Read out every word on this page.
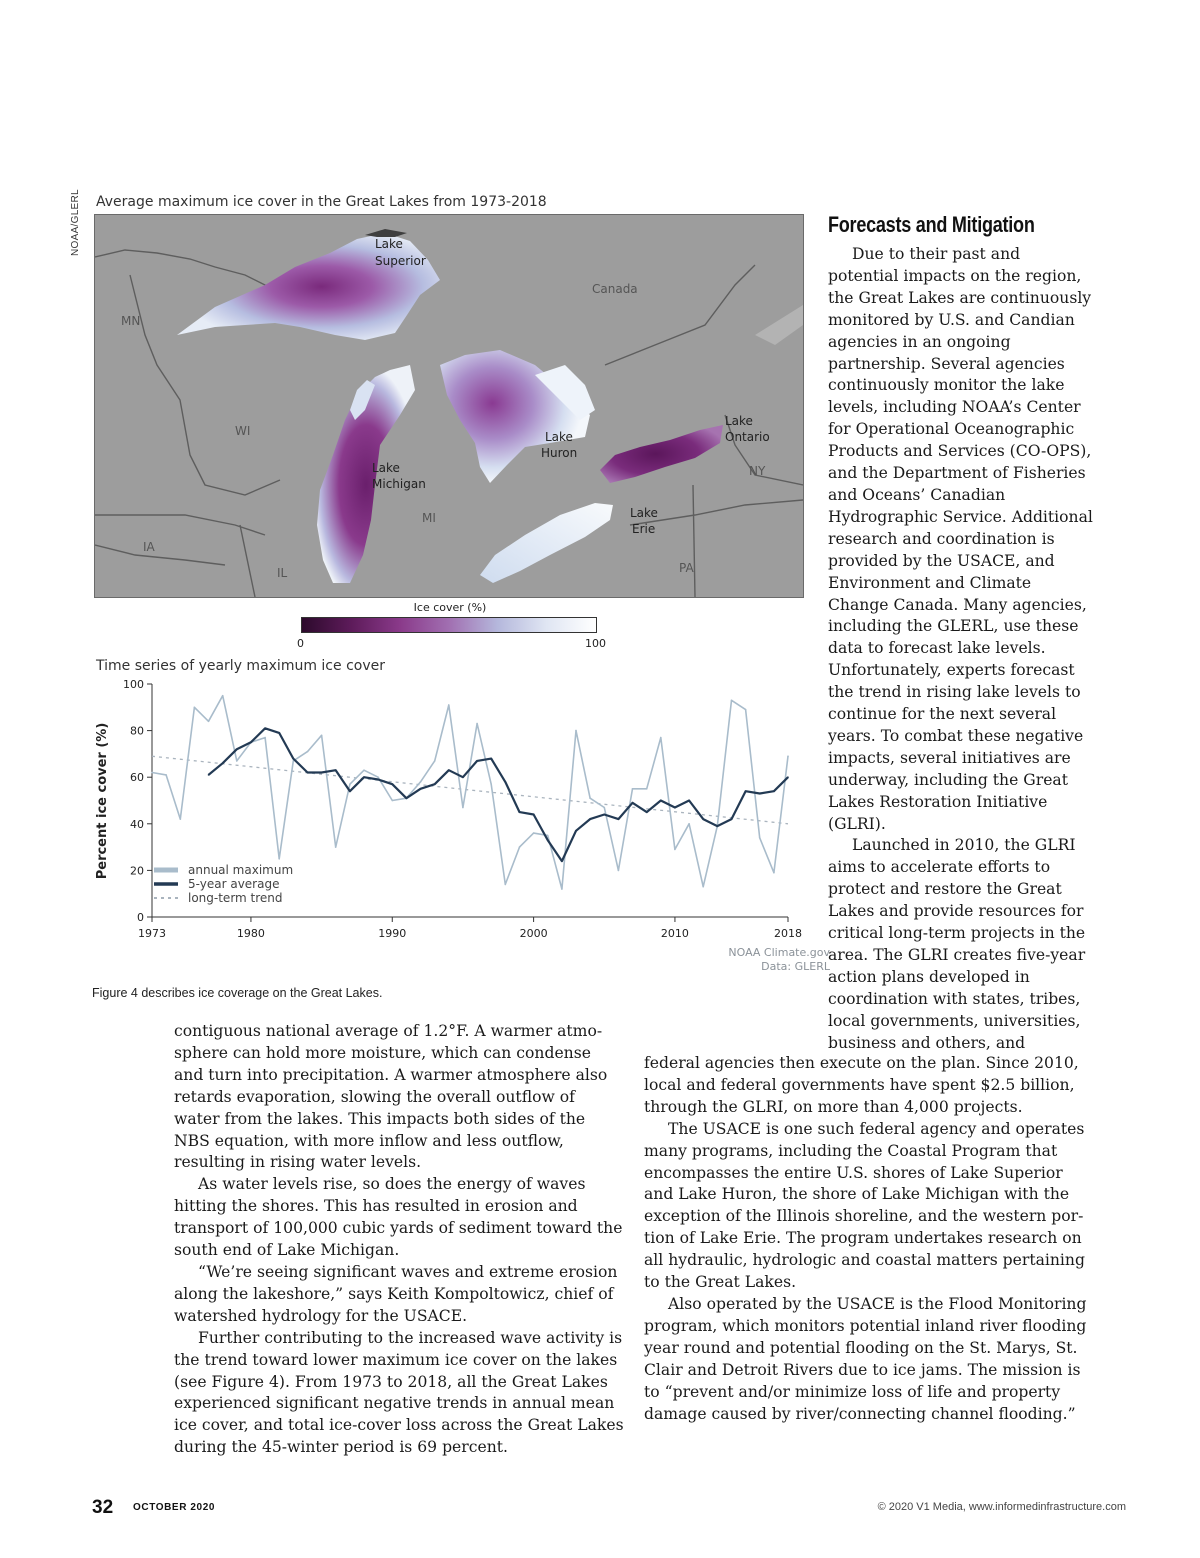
NOAA/GLERL	Average maximum ice cover in the Great Lakes from 1973-2018
Lake
Superior
Lake
Michigan
Lake
Huron
Lake
Ontario
Lake
Erie
Canada
MN
WI
MI
IA
IL
NY
PA
Ice cover (%)
0	100
Time series of yearly maximum ice cover
0
20
40
60
80
100
1973	1980	1990	2000	2010	2018
Percent ice cover (%)	annual maximum
5-year average
long-term trend
NOAA Climate.gov
Data: GLERL
Figure 4 describes ice coverage on the Great Lakes.
Forecasts and Mitigation

Due to their past and potential impacts on the region, the Great Lakes are continuously monitored by U.S. and Candian agencies in an ongoing partnership. Several agencies continuously monitor the lake levels, including NOAA’s Center for Operational Oceanographic Products and Services (CO-OPS), and the Department of Fisheries and Oceans’ Canadian Hydrographic Service. Additional research and coordination is provided by the USACE, and Environment and Climate Change Canada. Many agencies, including the GLERL, use these data to forecast lake levels. Unfortunately, experts forecast the trend in rising lake levels to continue for the next several years. To combat these negative impacts, several initiatives are underway, including the Great Lakes Restoration Initiative (GLRI).

Launched in 2010, the GLRI aims to accelerate efforts to protect and restore the Great Lakes and provide resources for critical long-term projects in the area. The GLRI creates five-year action plans developed in coordination with states, tribes, local governments, universities, business and others, and

contiguous national average of 1.2°F. A warmer atmosphere can hold more moisture, which can condense and turn into precipitation. A warmer atmosphere also retards evaporation, slowing the overall outflow of water from the lakes. This impacts both sides of the NBS equation, with more inflow and less outflow, resulting in rising water levels.

As water levels rise, so does the energy of waves hitting the shores. This has resulted in erosion and transport of 100,000 cubic yards of sediment toward the south end of Lake Michigan.

“We’re seeing significant waves and extreme erosion along the lakeshore,” says Keith Kompoltowicz, chief of watershed hydrology for the USACE.

Further contributing to the increased wave activity is the trend toward lower maximum ice cover on the lakes (see Figure 4). From 1973 to 2018, all the Great Lakes experienced significant negative trends in annual mean ice cover, and total ice-cover loss across the Great Lakes during the 45-winter period is 69 percent.

federal agencies then execute on the plan. Since 2010, local and federal governments have spent $2.5 billion, through the GLRI, on more than 4,000 projects.

The USACE is one such federal agency and operates many programs, including the Coastal Program that encompasses the entire U.S. shores of Lake Superior and Lake Huron, the shore of Lake Michigan with the exception of the Illinois shoreline, and the western portion of Lake Erie. The program undertakes research on all hydraulic, hydrologic and coastal matters pertaining to the Great Lakes.

Also operated by the USACE is the Flood Monitoring program, which monitors potential inland river flooding year round and potential flooding on the St. Marys, St. Clair and Detroit Rivers due to ice jams. The mission is to “prevent and/or minimize loss of life and property damage caused by river/connecting channel flooding.”

32 OCTOBER 2020	© 2020 V1 Media, www.informedinfrastructure.com
